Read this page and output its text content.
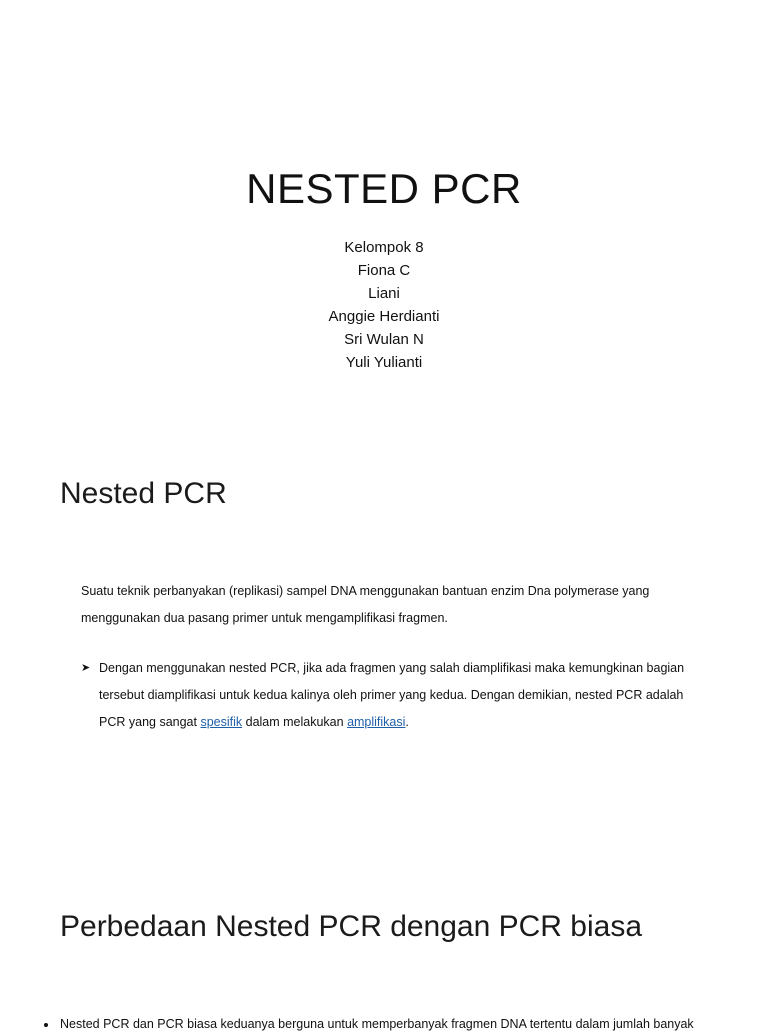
NESTED PCR
Kelompok 8
Fiona C
Liani
Anggie Herdianti
Sri Wulan N
Yuli Yulianti
Nested PCR

Suatu teknik perbanyakan (replikasi) sampel DNA menggunakan bantuan enzim Dna polymerase yang menggunakan dua pasang primer untuk mengamplifikasi fragmen.

➤ Dengan menggunakan nested PCR, jika ada fragmen yang salah diamplifikasi maka kemungkinan bagian tersebut diamplifikasi untuk kedua kalinya oleh primer yang kedua. Dengan demikian, nested PCR adalah PCR yang sangat spesifik dalam melakukan amplifikasi.
Perbedaan Nested PCR dengan PCR biasa

Nested PCR dan PCR biasa keduanya berguna untuk memperbanyak fragmen DNA tertentu dalam jumlah banyak
